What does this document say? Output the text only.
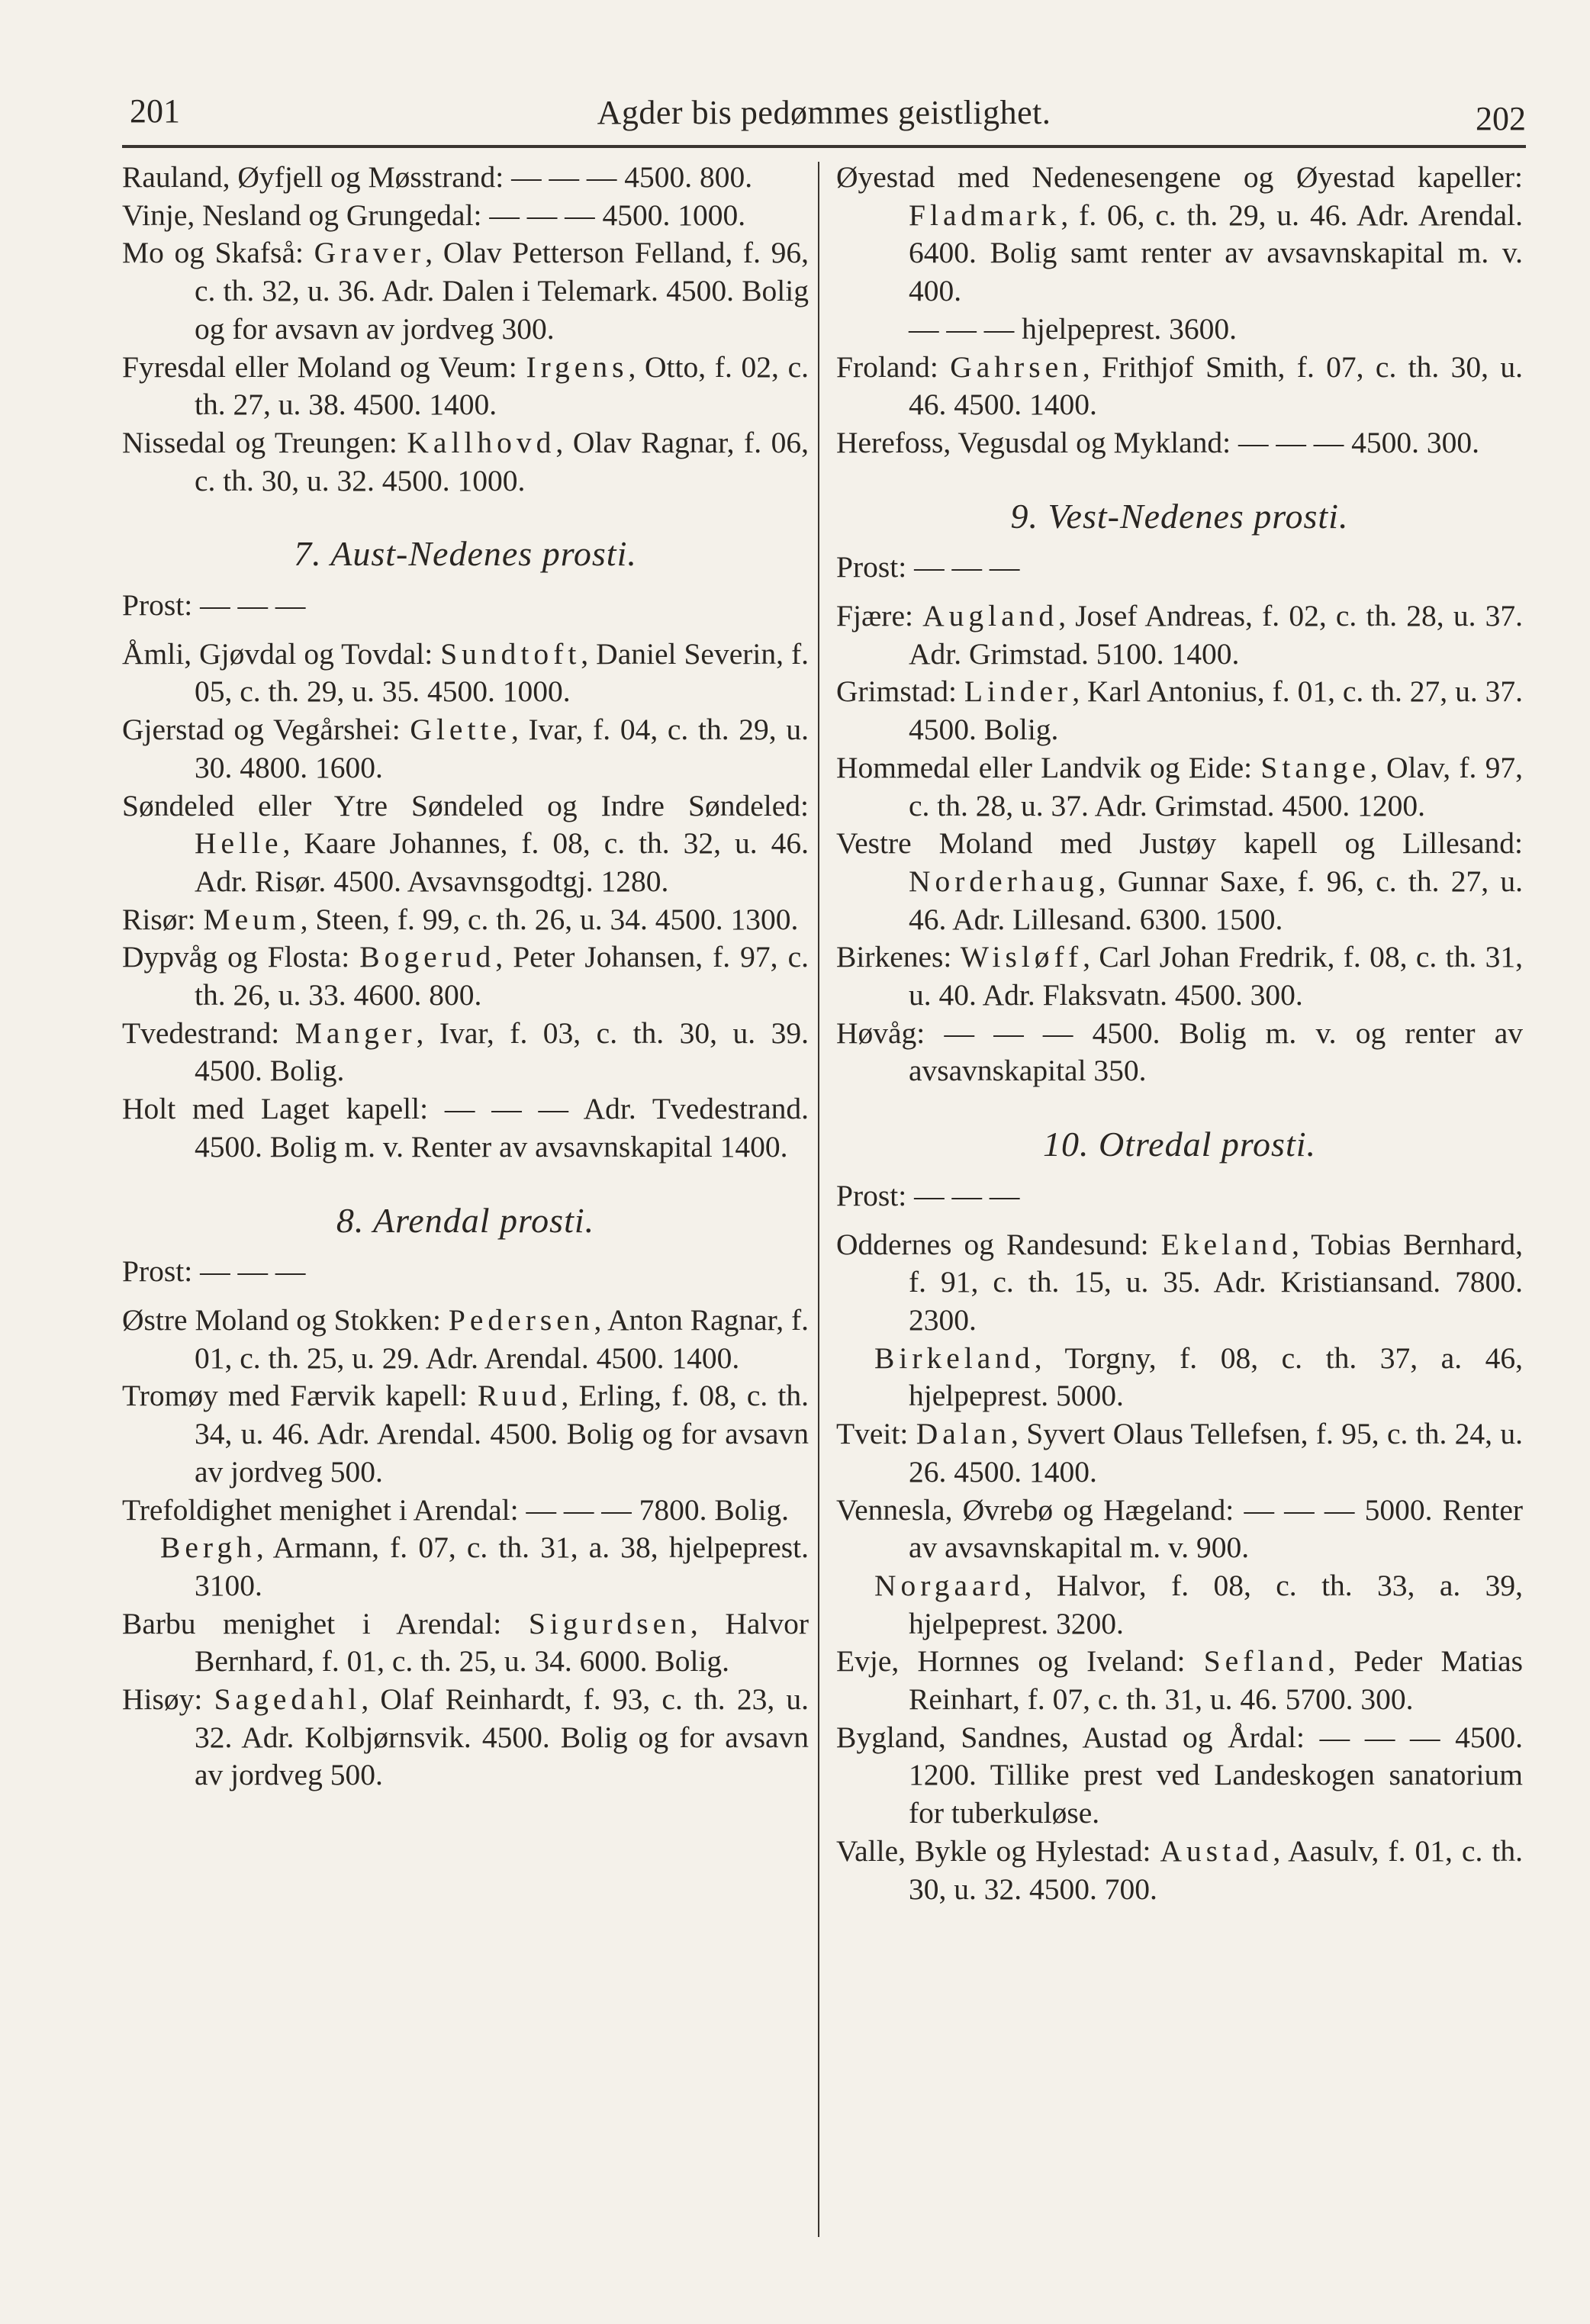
201	Agder bis pedømmes geistlighet.	202
Rauland, Øyfjell og Møsstrand: — — — 4500. 800.
Vinje, Nesland og Grungedal: — — — 4500. 1000.
Mo og Skafså: Graver, Olav Petterson Felland, f. 96, c. th. 32, u. 36. Adr. Dalen i Telemark. 4500. Bolig og for avsavn av jordveg 300.
Fyresdal eller Moland og Veum: Irgens, Otto, f. 02, c. th. 27, u. 38. 4500. 1400.
Nissedal og Treungen: Kallhovd, Olav Ragnar, f. 06, c. th. 30, u. 32. 4500. 1000.
7. Aust-Nedenes prosti.
Prost: — — —
Åmli, Gjøvdal og Tovdal: Sundtoft, Daniel Severin, f. 05, c. th. 29, u. 35. 4500. 1000.
Gjerstad og Vegårshei: Glette, Ivar, f. 04, c. th. 29, u. 30. 4800. 1600.
Søndeled eller Ytre Søndeled og Indre Søndeled: Helle, Kaare Johannes, f. 08, c. th. 32, u. 46. Adr. Risør. 4500. Avsavnsgodtgj. 1280.
Risør: Meum, Steen, f. 99, c. th. 26, u. 34. 4500. 1300.
Dypvåg og Flosta: Bogerud, Peter Johansen, f. 97, c. th. 26, u. 33. 4600. 800.
Tvedestrand: Manger, Ivar, f. 03, c. th. 30, u. 39. 4500. Bolig.
Holt med Laget kapell: — — — Adr. Tvedestrand. 4500. Bolig m. v. Renter av avsavnskapital 1400.
8. Arendal prosti.
Prost: — — —
Østre Moland og Stokken: Pedersen, Anton Ragnar, f. 01, c. th. 25, u. 29. Adr. Arendal. 4500. 1400.
Tromøy med Færvik kapell: Ruud, Erling, f. 08, c. th. 34, u. 46. Adr. Arendal. 4500. Bolig og for avsavn av jordveg 500.
Trefoldighet menighet i Arendal: — — — 7800. Bolig.
Bergh, Armann, f. 07, c. th. 31, a. 38, hjelpeprest. 3100.
Barbu menighet i Arendal: Sigurdsen, Halvor Bernhard, f. 01, c. th. 25, u. 34. 6000. Bolig.
Hisøy: Sagedahl, Olaf Reinhardt, f. 93, c. th. 23, u. 32. Adr. Kolbjørnsvik. 4500. Bolig og for avsavn av jordveg 500.
Øyestad med Nedenesengene og Øyestad kapeller: Fladmark, f. 06, c. th. 29, u. 46. Adr. Arendal. 6400. Bolig samt renter av avsavnskapital m. v. 400.
— — — hjelpeprest. 3600.
Froland: Gahrsen, Frithjof Smith, f. 07, c. th. 30, u. 46. 4500. 1400.
Herefoss, Vegusdal og Mykland: — — — 4500. 300.
9. Vest-Nedenes prosti.
Prost: — — —
Fjære: Augland, Josef Andreas, f. 02, c. th. 28, u. 37. Adr. Grimstad. 5100. 1400.
Grimstad: Linder, Karl Antonius, f. 01, c. th. 27, u. 37. 4500. Bolig.
Hommedal eller Landvik og Eide: Stange, Olav, f. 97, c. th. 28, u. 37. Adr. Grimstad. 4500. 1200.
Vestre Moland med Justøy kapell og Lillesand: Norderhaug, Gunnar Saxe, f. 96, c. th. 27, u. 46. Adr. Lillesand. 6300. 1500.
Birkenes: Wisløff, Carl Johan Fredrik, f. 08, c. th. 31, u. 40. Adr. Flaksvatn. 4500. 300.
Høvåg: — — — 4500. Bolig m. v. og renter av avsavnskapital 350.
10. Otredal prosti.
Prost: — — —
Oddernes og Randesund: Ekeland, Tobias Bernhard, f. 91, c. th. 15, u. 35. Adr. Kristiansand. 7800. 2300.
Birkeland, Torgny, f. 08, c. th. 37, a. 46, hjelpeprest. 5000.
Tveit: Dalan, Syvert Olaus Tellefsen, f. 95, c. th. 24, u. 26. 4500. 1400.
Vennesla, Øvrebø og Hægeland: — — — 5000. Renter av avsavnskapital m. v. 900.
Norgaard, Halvor, f. 08, c. th. 33, a. 39, hjelpeprest. 3200.
Evje, Hornnes og Iveland: Sefland, Peder Matias Reinhart, f. 07, c. th. 31, u. 46. 5700. 300.
Bygland, Sandnes, Austad og Årdal: — — — 4500. 1200. Tillike prest ved Landeskogen sanatorium for tuberkuløse.
Valle, Bykle og Hylestad: Austad, Aasulv, f. 01, c. th. 30, u. 32. 4500. 700.
